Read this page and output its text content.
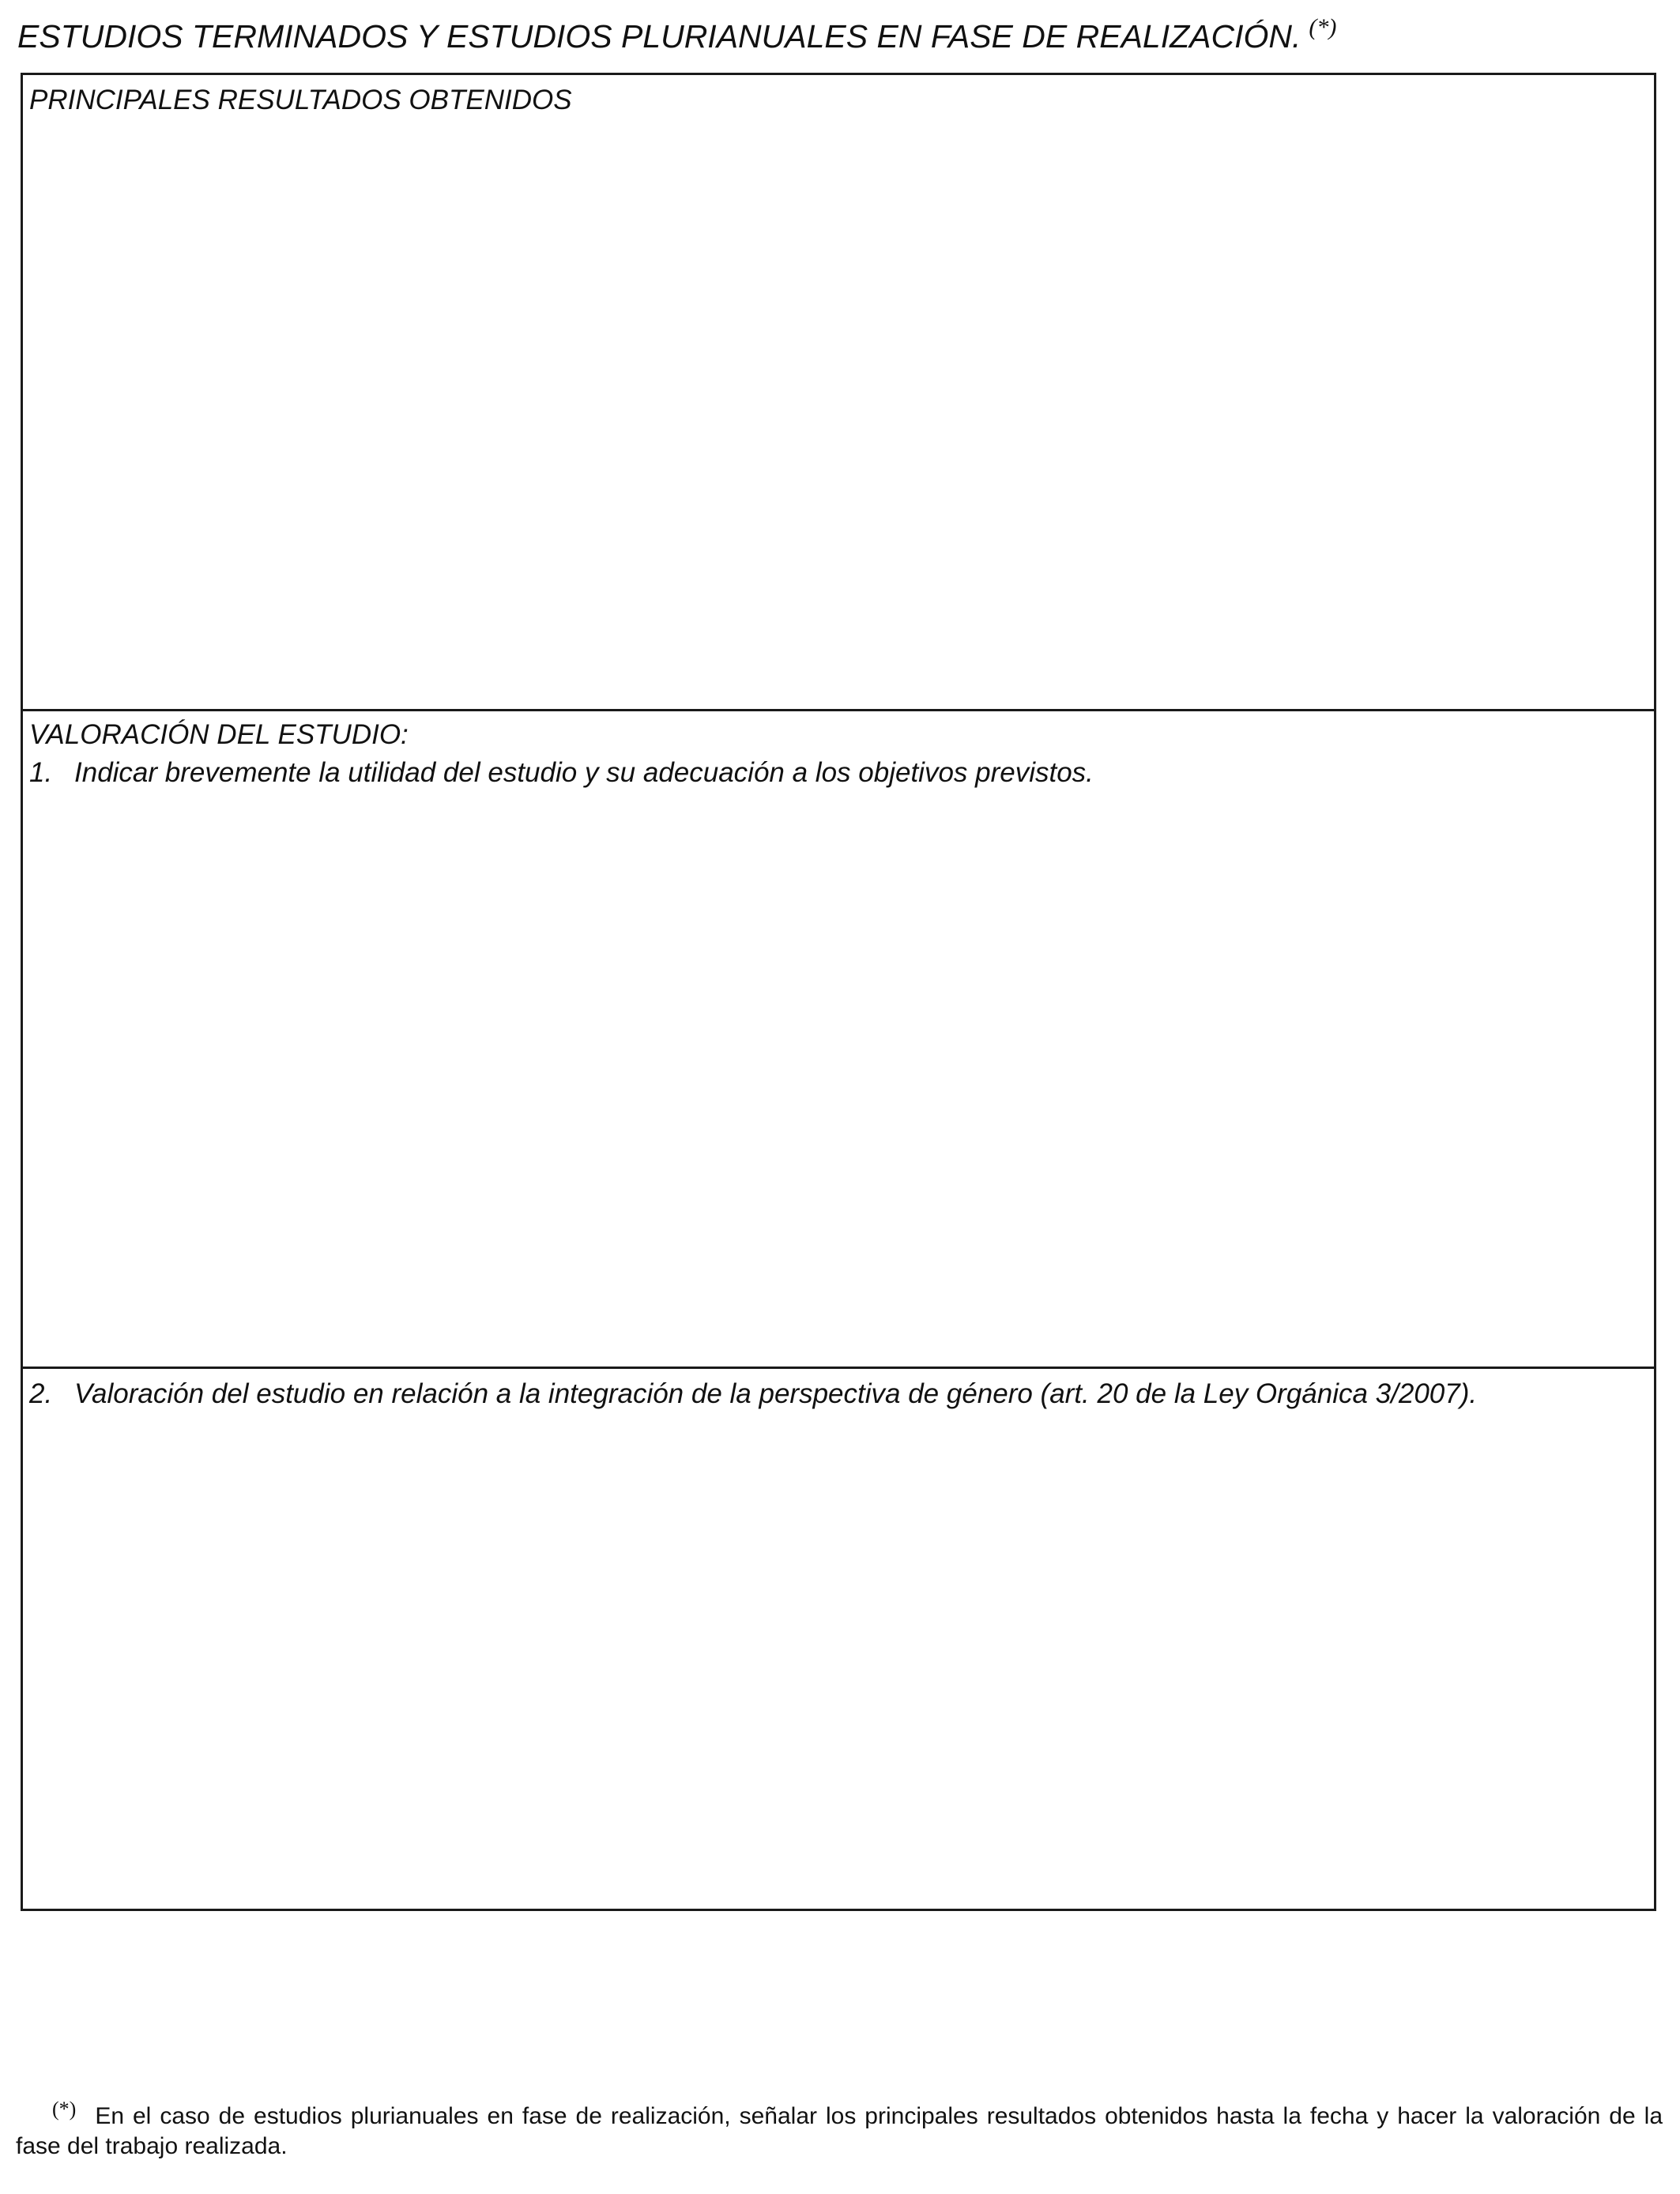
ESTUDIOS TERMINADOS Y ESTUDIOS PLURIANUALES EN FASE DE REALIZACIÓN. (*)
PRINCIPALES RESULTADOS OBTENIDOS
VALORACIÓN DEL ESTUDIO:
1. Indicar brevemente la utilidad del estudio y su adecuación a los objetivos previstos.
2. Valoración del estudio en relación a la integración de la perspectiva de género (art. 20 de la Ley Orgánica 3/2007).
(*) En el caso de estudios plurianuales en fase de realización, señalar los principales resultados obtenidos hasta la fecha y hacer la valoración de la fase del trabajo realizada.
